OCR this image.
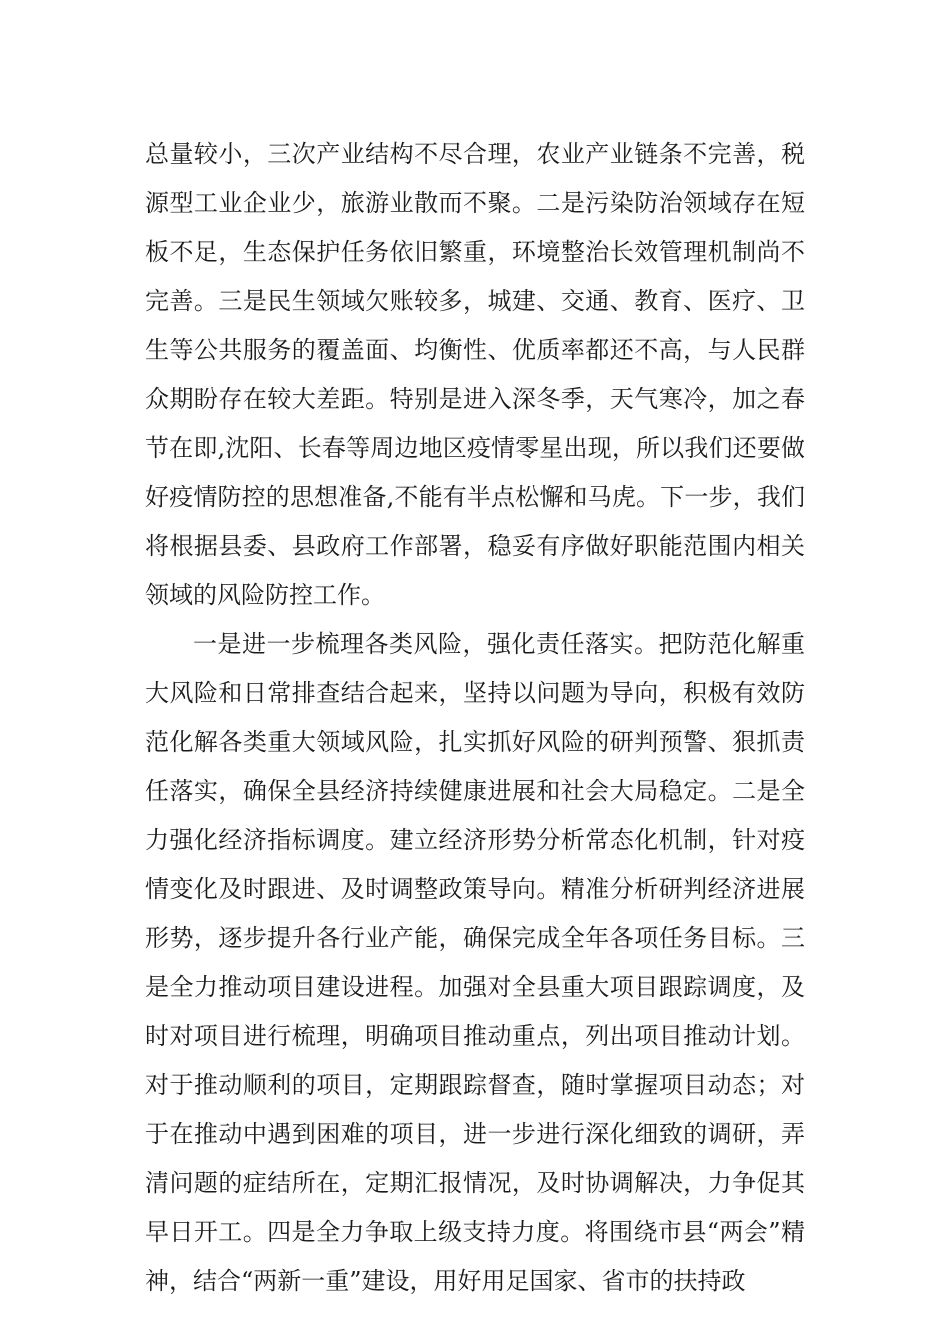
总量较小，三次产业结构不尽合理，农业产业链条不完善，税源型工业企业少，旅游业散而不聚。二是污染防治领域存在短板不足，生态保护任务依旧繁重，环境整治长效管理机制尚不完善。三是民生领域欠账较多，城建、交通、教育、医疗、卫生等公共服务的覆盖面、均衡性、优质率都还不高，与人民群众期盼存在较大差距。特别是进入深冬季，天气寒冷，加之春节在即,沈阳、长春等周边地区疫情零星出现，所以我们还要做好疫情防控的思想准备,不能有半点松懈和马虎。下一步，我们将根据县委、县政府工作部署，稳妥有序做好职能范围内相关领域的风险防控工作。

一是进一步梳理各类风险，强化责任落实。把防范化解重大风险和日常排查结合起来，坚持以问题为导向，积极有效防范化解各类重大领域风险，扎实抓好风险的研判预警、狠抓责任落实，确保全县经济持续健康进展和社会大局稳定。二是全力强化经济指标调度。建立经济形势分析常态化机制，针对疫情变化及时跟进、及时调整政策导向。精准分析研判经济进展形势，逐步提升各行业产能，确保完成全年各项任务目标。三是全力推动项目建设进程。加强对全县重大项目跟踪调度，及时对项目进行梳理，明确项目推动重点，列出项目推动计划。对于推动顺利的项目，定期跟踪督查，随时掌握项目动态；对于在推动中遇到困难的项目，进一步进行深化细致的调研，弄清问题的症结所在，定期汇报情况，及时协调解决，力争促其早日开工。四是全力争取上级支持力度。将围绕市县“两会”精神，结合“两新一重”建设，用好用足国家、省市的扶持政
